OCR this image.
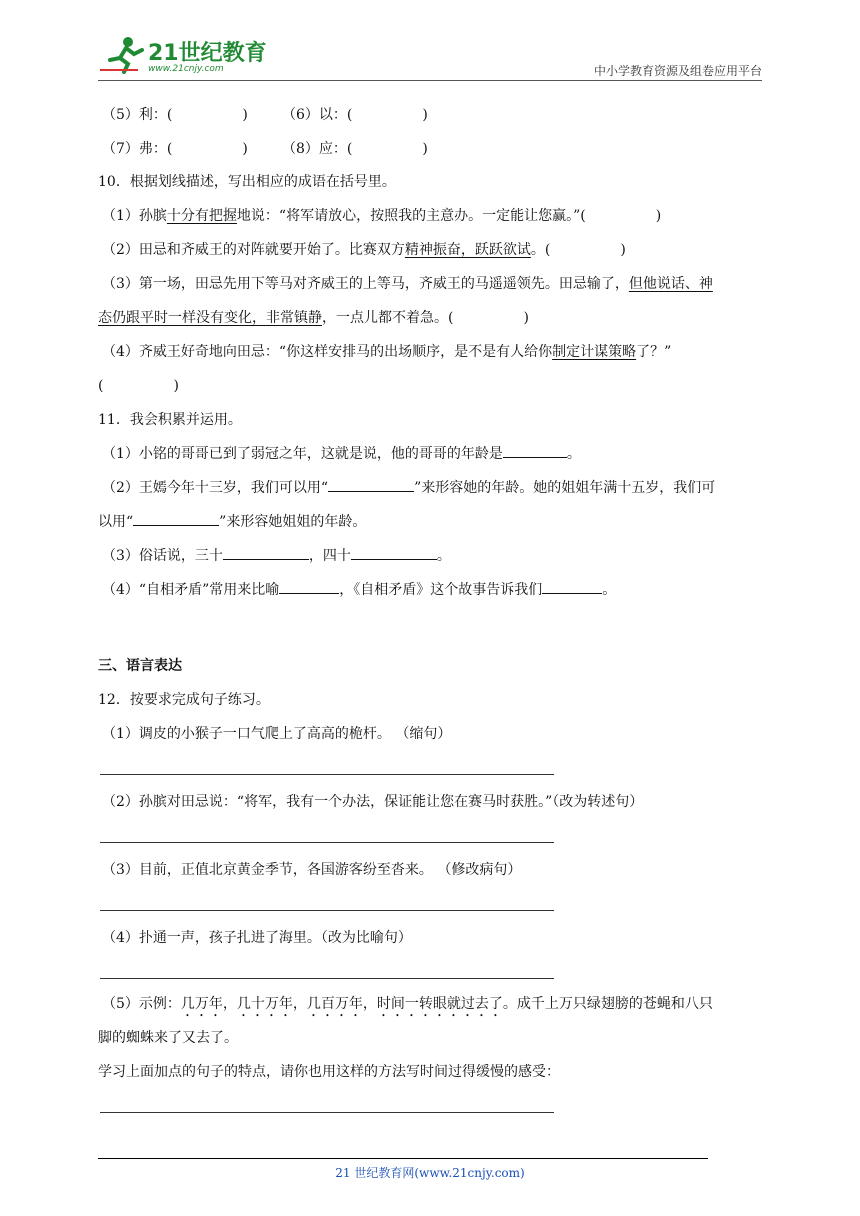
21世纪教育
www.21cnjy.com	中小学教育资源及组卷应用平台
（5）利：(　　　　　) （6）以：(　　　　　)
（7）弗：(　　　　　) （8）应：(　　　　　)
10．根据划线描述，写出相应的成语在括号里。
（1）孙膑十分有把握地说：“将军请放心，按照我的主意办。一定能让您赢。”(　　　　　)
（2）田忌和齐威王的对阵就要开始了。比赛双方精神振奋，跃跃欲试。(　　　　　)
（3）第一场，田忌先用下等马对齐威王的上等马，齐威王的马遥遥领先。田忌输了，但他说话、神
态仍跟平时一样没有变化，非常镇静，一点儿都不着急。(　　　　　)
（4）齐威王好奇地向田忌：“你这样安排马的出场顺序，是不是有人给你制定计谋策略了？”
(　　　　　)
11．我会积累并运用。
（1）小铭的哥哥已到了弱冠之年，这就是说，他的哥哥的年龄是	。
（2）王嫣今年十三岁，我们可以用“	”来形容她的年龄。她的姐姐年满十五岁，我们可
以用“	”来形容她姐姐的年龄。
（3）俗话说，三十	，四十	。
（4）“自相矛盾”常用来比喻	，《自相矛盾》这个故事告诉我们	。
三、语言表达
12．按要求完成句子练习。
（1）调皮的小猴子一口气爬上了高高的桅杆。 （缩句）
（2）孙膑对田忌说：“将军，我有一个办法，保证能让您在赛马时获胜。”（改为转述句）
（3）目前，正值北京黄金季节，各国游客纷至沓来。 （修改病句）
（4）扑通一声，孩子扎进了海里。（改为比喻句）
（5）示例：几万年，几十万年，几百万年，时间一转眼就过去了。成千上万只绿翅膀的苍蝇和八只
脚的蜘蛛来了又去了。
学习上面加点的句子的特点，请你也用这样的方法写时间过得缓慢的感受：
21 世纪教育网(www.21cnjy.com)
